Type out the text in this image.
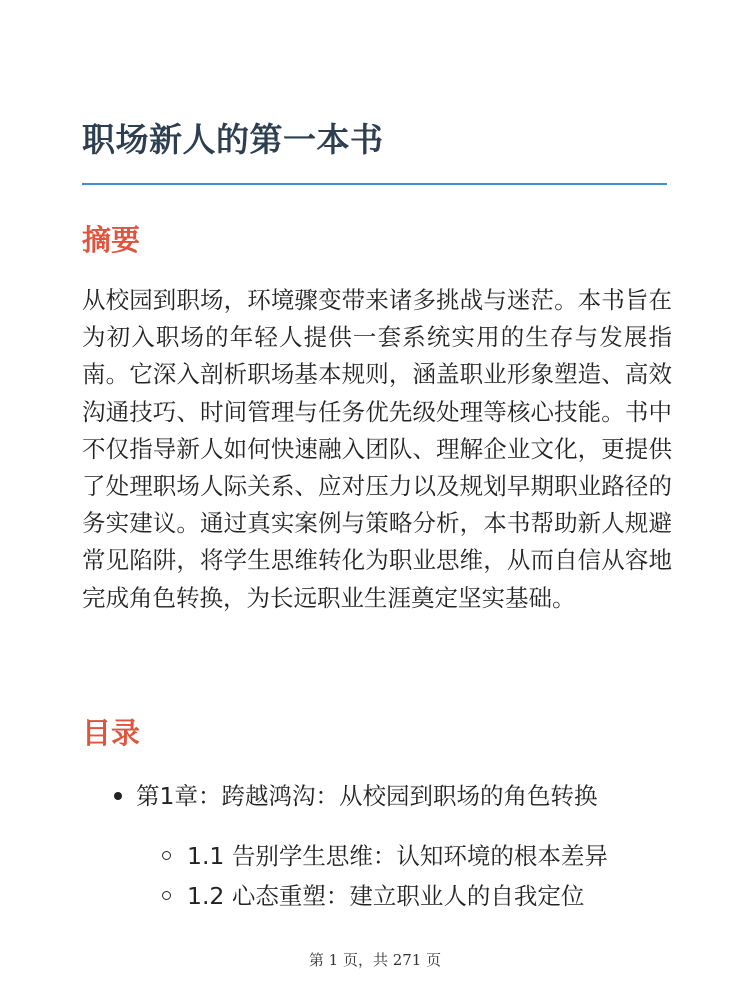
职场新人的第一本书
摘要

从校园到职场，环境骤变带来诸多挑战与迷茫。本书旨在为初入职场的年轻人提供一套系统实用的生存与发展指南。它深入剖析职场基本规则，涵盖职业形象塑造、高效沟通技巧、时间管理与任务优先级处理等核心技能。书中不仅指导新人如何快速融入团队、理解企业文化，更提供了处理职场人际关系、应对压力以及规划早期职业路径的务实建议。通过真实案例与策略分析，本书帮助新人规避常见陷阱，将学生思维转化为职业思维，从而自信从容地完成角色转换，为长远职业生涯奠定坚实基础。

目录
第1章：跨越鸿沟：从校园到职场的角色转换
1.1 告别学生思维：认知环境的根本差异
1.2 心态重塑：建立职业人的自我定位
第 1 页，共 271 页
